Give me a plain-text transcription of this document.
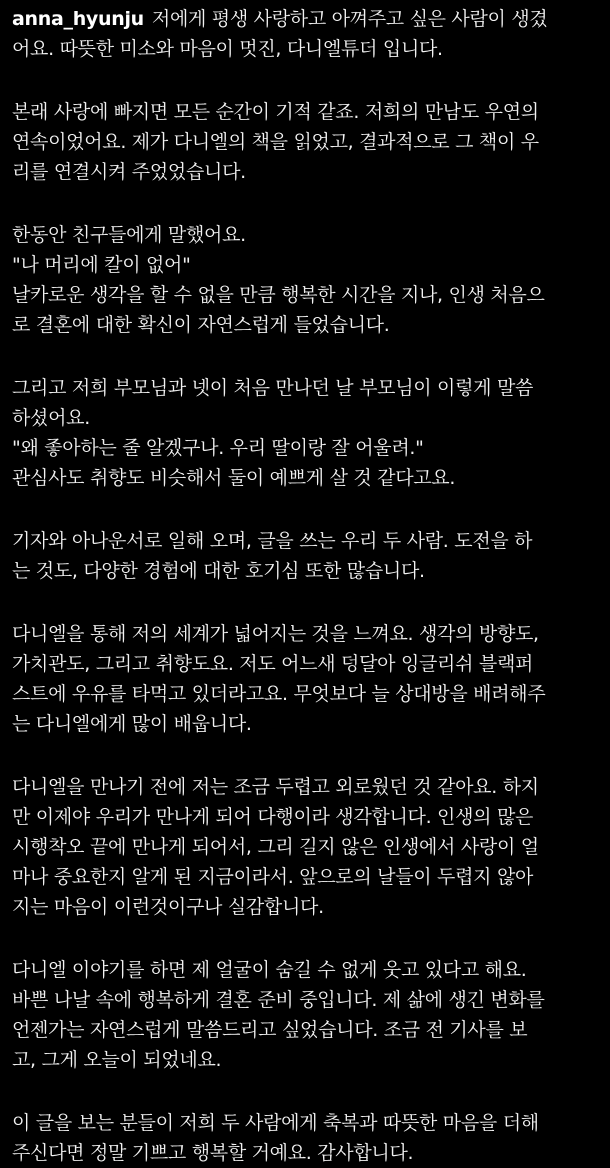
anna_hyunju 저에게 평생 사랑하고 아껴주고 싶은 사람이 생겼
어요. 따뜻한 미소와 마음이 멋진, 다니엘튜더 입니다.
본래 사랑에 빠지면 모든 순간이 기적 같죠. 저희의 만남도 우연의
연속이었어요. 제가 다니엘의 책을 읽었고, 결과적으로 그 책이 우
리를 연결시켜 주었었습니다.
한동안 친구들에게 말했어요.
"나 머리에 칼이 없어"
날카로운 생각을 할 수 없을 만큼 행복한 시간을 지나, 인생 처음으
로 결혼에 대한 확신이 자연스럽게 들었습니다.
그리고 저희 부모님과 넷이 처음 만나던 날 부모님이 이렇게 말씀
하셨어요.
"왜 좋아하는 줄 알겠구나. 우리 딸이랑 잘 어울려."
관심사도 취향도 비슷해서 둘이 예쁘게 살 것 같다고요.
기자와 아나운서로 일해 오며, 글을 쓰는 우리 두 사람. 도전을 하
는 것도, 다양한 경험에 대한 호기심 또한 많습니다.
다니엘을 통해 저의 세계가 넓어지는 것을 느껴요. 생각의 방향도,
가치관도, 그리고 취향도요. 저도 어느새 덩달아 잉글리쉬 블랙퍼
스트에 우유를 타먹고 있더라고요. 무엇보다 늘 상대방을 배려해주
는 다니엘에게 많이 배웁니다.
다니엘을 만나기 전에 저는 조금 두렵고 외로웠던 것 같아요. 하지
만 이제야 우리가 만나게 되어 다행이라 생각합니다. 인생의 많은
시행착오 끝에 만나게 되어서, 그리 길지 않은 인생에서 사랑이 얼
마나 중요한지 알게 된 지금이라서. 앞으로의 날들이 두렵지 않아
지는 마음이 이런것이구나 실감합니다.
다니엘 이야기를 하면 제 얼굴이 숨길 수 없게 웃고 있다고 해요.
바쁜 나날 속에 행복하게 결혼 준비 중입니다. 제 삶에 생긴 변화를
언젠가는 자연스럽게 말씀드리고 싶었습니다. 조금 전 기사를 보
고, 그게 오늘이 되었네요.
이 글을 보는 분들이 저희 두 사람에게 축복과 따뜻한 마음을 더해
주신다면 정말 기쁘고 행복할 거예요. 감사합니다.
